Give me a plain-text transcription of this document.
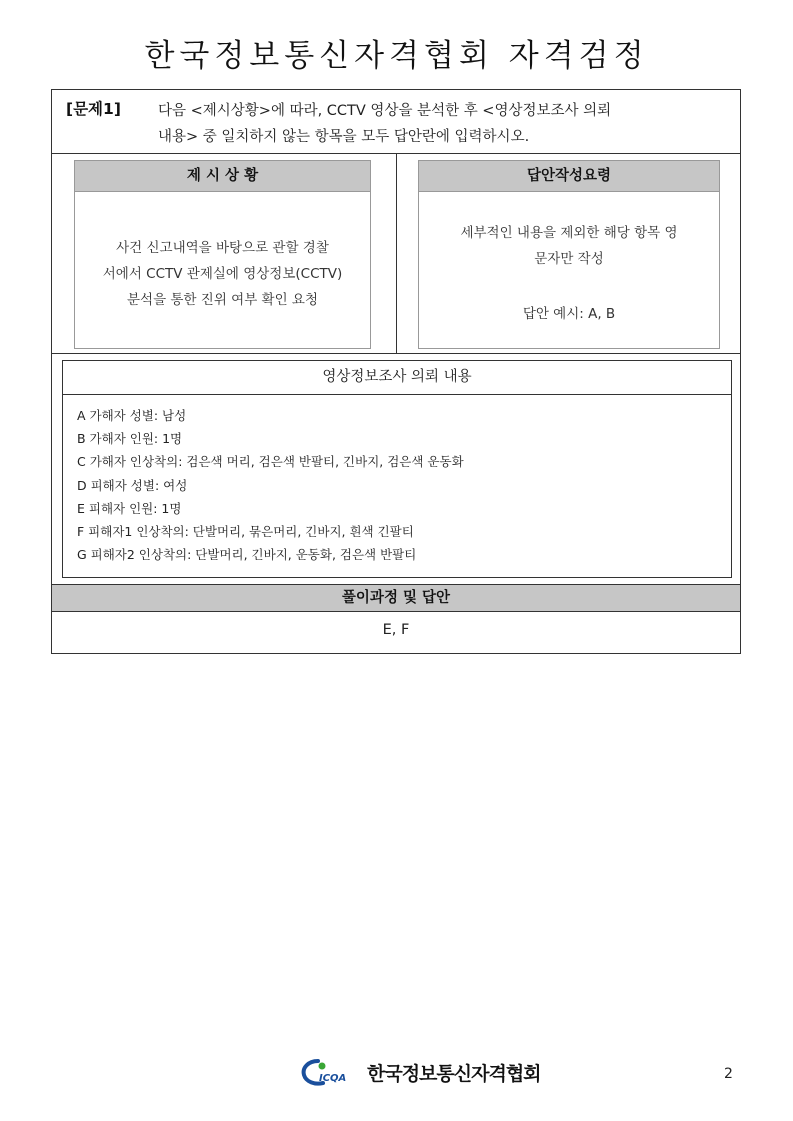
한국정보통신자격협회 자격검정
[문제1]	다음 <제시상황>에 따라, CCTV 영상을 분석한 후 <영상정보조사 의뢰
내용> 중 일치하지 않는 항목을 모두 답안란에 입력하시오.
제 시 상 황
사건 신고내역을 바탕으로 관할 경찰
서에서 CCTV 관제실에 영상정보(CCTV)
분석을 통한 진위 여부 확인 요청
답안작성요령
세부적인 내용을 제외한 해당 항목 영
문자만 작성
답안 예시: A, B
영상정보조사 의뢰 내용
A 가해자 성별: 남성
B 가해자 인원: 1명
C 가해자 인상착의: 검은색 머리, 검은색 반팔티, 긴바지, 검은색 운동화
D 피해자 성별: 여성
E 피해자 인원: 1명
F 피해자1 인상착의: 단발머리, 묶은머리, 긴바지, 흰색 긴팔티
G 피해자2 인상착의: 단발머리, 긴바지, 운동화, 검은색 반팔티
풀이과정 및 답안
E, F
ICQA 한국정보통신자격협회	2
